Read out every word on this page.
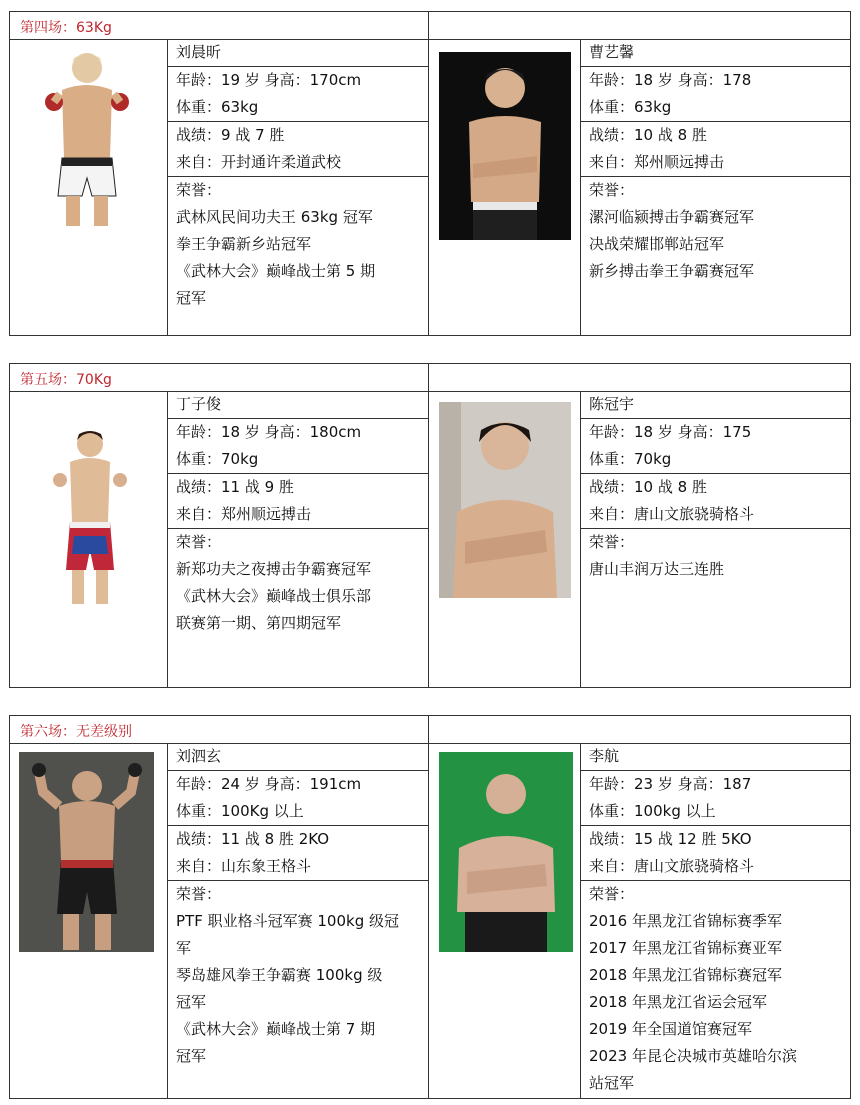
第四场：63Kg
刘晨昕
年龄：19 岁 身高：170cm
体重：63kg
战绩：9 战 7 胜
来自：开封通许柔道武校
荣誉：
武林风民间功夫王 63kg 冠军
拳王争霸新乡站冠军
《武林大会》巅峰战士第 5 期
冠军
曹艺馨
年龄：18 岁 身高：178
体重：63kg
战绩：10 战 8 胜
来自：郑州顺远搏击
荣誉：
漯河临颍搏击争霸赛冠军
决战荣耀邯郸站冠军
新乡搏击拳王争霸赛冠军
第五场：70Kg
丁子俊
年龄：18 岁 身高：180cm
体重：70kg
战绩：11 战 9 胜
来自：郑州顺远搏击
荣誉：
新郑功夫之夜搏击争霸赛冠军
《武林大会》巅峰战士俱乐部
联赛第一期、第四期冠军
陈冠宇
年龄：18 岁 身高：175
体重：70kg
战绩：10 战 8 胜
来自：唐山文旅骁骑格斗
荣誉：
唐山丰润万达三连胜
第六场：无差级别
刘泗玄
年龄：24 岁 身高：191cm
体重：100Kg 以上
战绩：11 战 8 胜 2KO
来自：山东象王格斗
荣誉：
PTF 职业格斗冠军赛 100kg 级冠
军
琴岛雄风拳王争霸赛 100kg 级
冠军
《武林大会》巅峰战士第 7 期
冠军
李航
年龄：23 岁 身高：187
体重：100kg 以上
战绩：15 战 12 胜 5KO
来自：唐山文旅骁骑格斗
荣誉：
2016 年黑龙江省锦标赛季军
2017 年黑龙江省锦标赛亚军
2018 年黑龙江省锦标赛冠军
2018 年黑龙江省运会冠军
2019 年全国道馆赛冠军
2023 年昆仑决城市英雄哈尔滨
站冠军
